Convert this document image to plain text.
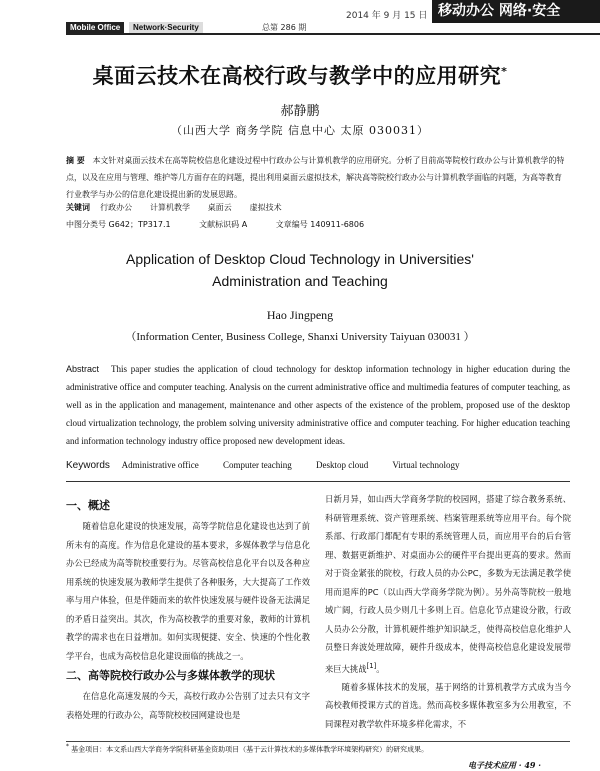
2014 年 9 月 15 日 移动办公 网络·安全
Mobile Office	Network·Security	总第 286 期
桌面云技术在高校行政与教学中的应用研究*
郝静鹏
（山西大学 商务学院 信息中心 太原 030031）
摘 要 本文针对桌面云技术在高等院校信息化建设过程中行政办公与计算机教学的应用研究。分析了目前高等院校行政办公与计算机教学的特点，以及在应用与管理、维护等几方面存在的问题，提出利用桌面云虚拟技术，解决高等院校行政办公与计算机教学面临的问题，为高等教育行业教学与办公的信息化建设提出新的发展思路。
关键词 行政办公 计算机教学 桌面云 虚拟技术
中图分类号 G642；TP317.1	文献标识码 A	文章编号 140911-6806
Application of Desktop Cloud Technology in Universities'
Administration and Teaching
Hao Jingpeng
（Information Center, Business College, Shanxi University Taiyuan 030031 ）
Abstract This paper studies the application of cloud technology for desktop information technology in higher education during the administrative office and computer teaching. Analysis on the current administrative office and multimedia features of computer teaching, as well as in the application and management, maintenance and other aspects of the existence of the problem, proposed use of the desktop cloud virtualization technology, the problem solving university administrative office and computer teaching. For higher education teaching and information technology industry office proposed new development ideas.
Keywords Administrative office	Computer teaching	Desktop cloud	Virtual technology
一、概述

随着信息化建设的快速发展，高等学院信息化建设也达到了前所未有的高度。作为信息化建设的基本要求，多媒体教学与信息化办公已经成为高等院校重要行为。尽管高校信息化平台以及各种应用系统的快速发展为教师学生提供了各种服务，大大提高了工作效率与用户体验，但是伴随而来的软件快速发展与硬件设备无法满足的矛盾日益突出。其次，作为高校教学的重要对象，教师的计算机教学的需求也在日益增加。如何实现便捷、安全、快速的个性化教学平台，也成为高校信息化建设面临的挑战之一。

二、高等院校行政办公与多媒体教学的现状

在信息化高速发展的今天，高校行政办公告别了过去只有文字表格处理的行政办公，高等院校校园网建设也是

日新月异，如山西大学商务学院的校园网，搭建了综合教务系统、科研管理系统、资产管理系统、档案管理系统等应用平台。每个院系部、行政部门都配有专职的系统管理人员，而应用平台的后台管理、数据更新维护、对桌面办公的硬件平台提出更高的要求。然而对于资金紧张的院校，行政人员的办公PC，多数为无法满足教学使用而退库的PC（以山西大学商务学院为例）。另外高等院校一般地域广阔，行政人员少则几十多则上百。信息化节点建设分散，行政人员办公分散，计算机硬件维护知识缺乏，使得高校信息化维护人员整日奔波处理故障，硬件升级成本，使得高校信息化建设发展带来巨大挑战[1]。

随着多媒体技术的发展，基于网络的计算机教学方式成为当今高校教师授课方式的首选。然而高校多媒体教室多为公用教室，不同课程对教学软件环境多样化需求，不

* 基金项目：本文系山西大学商务学院科研基金资助项目（基于云计算技术的多媒体教学环境架构研究）的研究成果。
电子技术应用 · 49 ·
